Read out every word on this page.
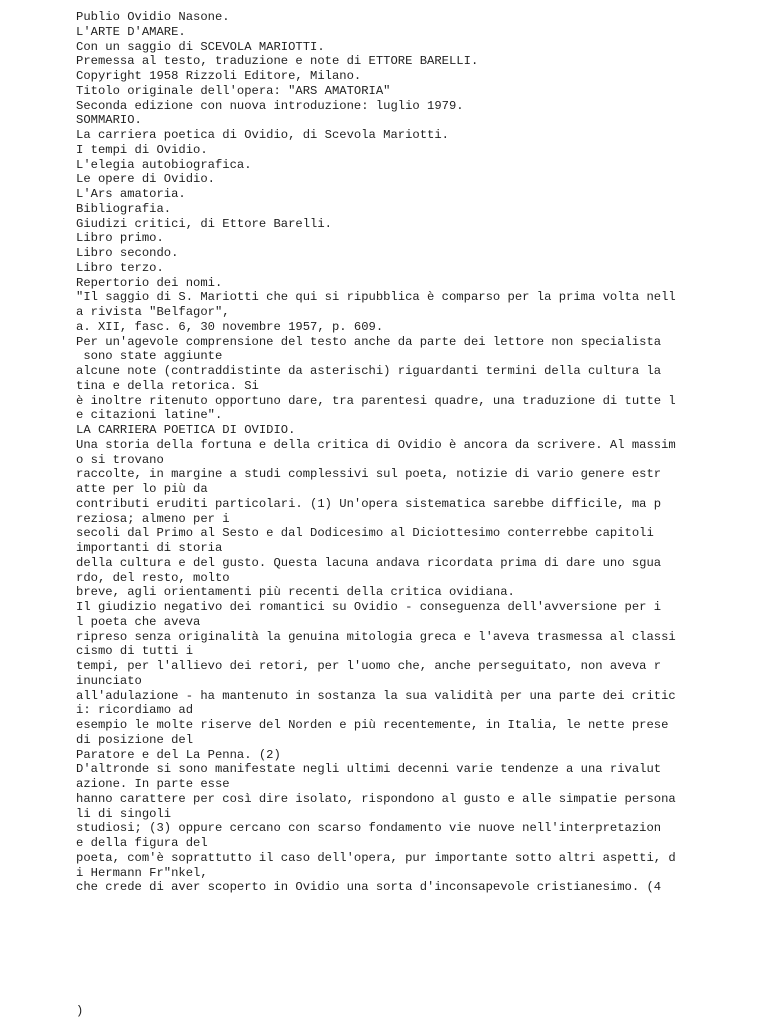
Publio Ovidio Nasone.
L'ARTE D'AMARE.
Con un saggio di SCEVOLA MARIOTTI.
Premessa al testo, traduzione e note di ETTORE BARELLI.
Copyright 1958 Rizzoli Editore, Milano.
Titolo originale dell'opera: "ARS AMATORIA"
Seconda edizione con nuova introduzione: luglio 1979.
SOMMARIO.
La carriera poetica di Ovidio, di Scevola Mariotti.
I tempi di Ovidio.
L'elegia autobiografica.
Le opere di Ovidio.
L'Ars amatoria.
Bibliografia.
Giudizi critici, di Ettore Barelli.
Libro primo.
Libro secondo.
Libro terzo.
Repertorio dei nomi.
"Il saggio di S. Mariotti che qui si ripubblica è comparso per la prima volta nell
a rivista "Belfagor",
a. XII, fasc. 6, 30 novembre 1957, p. 609.
Per un'agevole comprensione del testo anche da parte dei lettore non specialista
sono state aggiunte
alcune note (contraddistinte da asterischi) riguardanti termini della cultura la
tina e della retorica. Si
è inoltre ritenuto opportuno dare, tra parentesi quadre, una traduzione di tutte l
e citazioni latine".
LA CARRIERA POETICA DI OVIDIO.
Una storia della fortuna e della critica di Ovidio è ancora da scrivere. Al massim
o si trovano
raccolte, in margine a studi complessivi sul poeta, notizie di vario genere estr
atte per lo più da
contributi eruditi particolari. (1) Un'opera sistematica sarebbe difficile, ma p
reziosa; almeno per i
secoli dal Primo al Sesto e dal Dodicesimo al Diciottesimo conterrebbe capitoli
importanti di storia
della cultura e del gusto. Questa lacuna andava ricordata prima di dare uno sgua
rdo, del resto, molto
breve, agli orientamenti più recenti della critica ovidiana.
Il giudizio negativo dei romantici su Ovidio - conseguenza dell'avversione per i
l poeta che aveva
ripreso senza originalità la genuina mitologia greca e l'aveva trasmessa al classi
cismo di tutti i
tempi, per l'allievo dei retori, per l'uomo che, anche perseguitato, non aveva r
inunciato
all'adulazione - ha mantenuto in sostanza la sua validità per una parte dei critic
i: ricordiamo ad
esempio le molte riserve del Norden e più recentemente, in Italia, le nette prese
di posizione del
Paratore e del La Penna. (2)
D'altronde si sono manifestate negli ultimi decenni varie tendenze a una rivalut
azione. In parte esse
hanno carattere per così dire isolato, rispondono al gusto e alle simpatie persona
li di singoli
studiosi; (3) oppure cercano con scarso fondamento vie nuove nell'interpretazion
e della figura del
poeta, com'è soprattutto il caso dell'opera, pur importante sotto altri aspetti, d
i Hermann Fr"nkel,
che crede di aver scoperto in Ovidio una sorta d'inconsapevole cristianesimo. (4
)
